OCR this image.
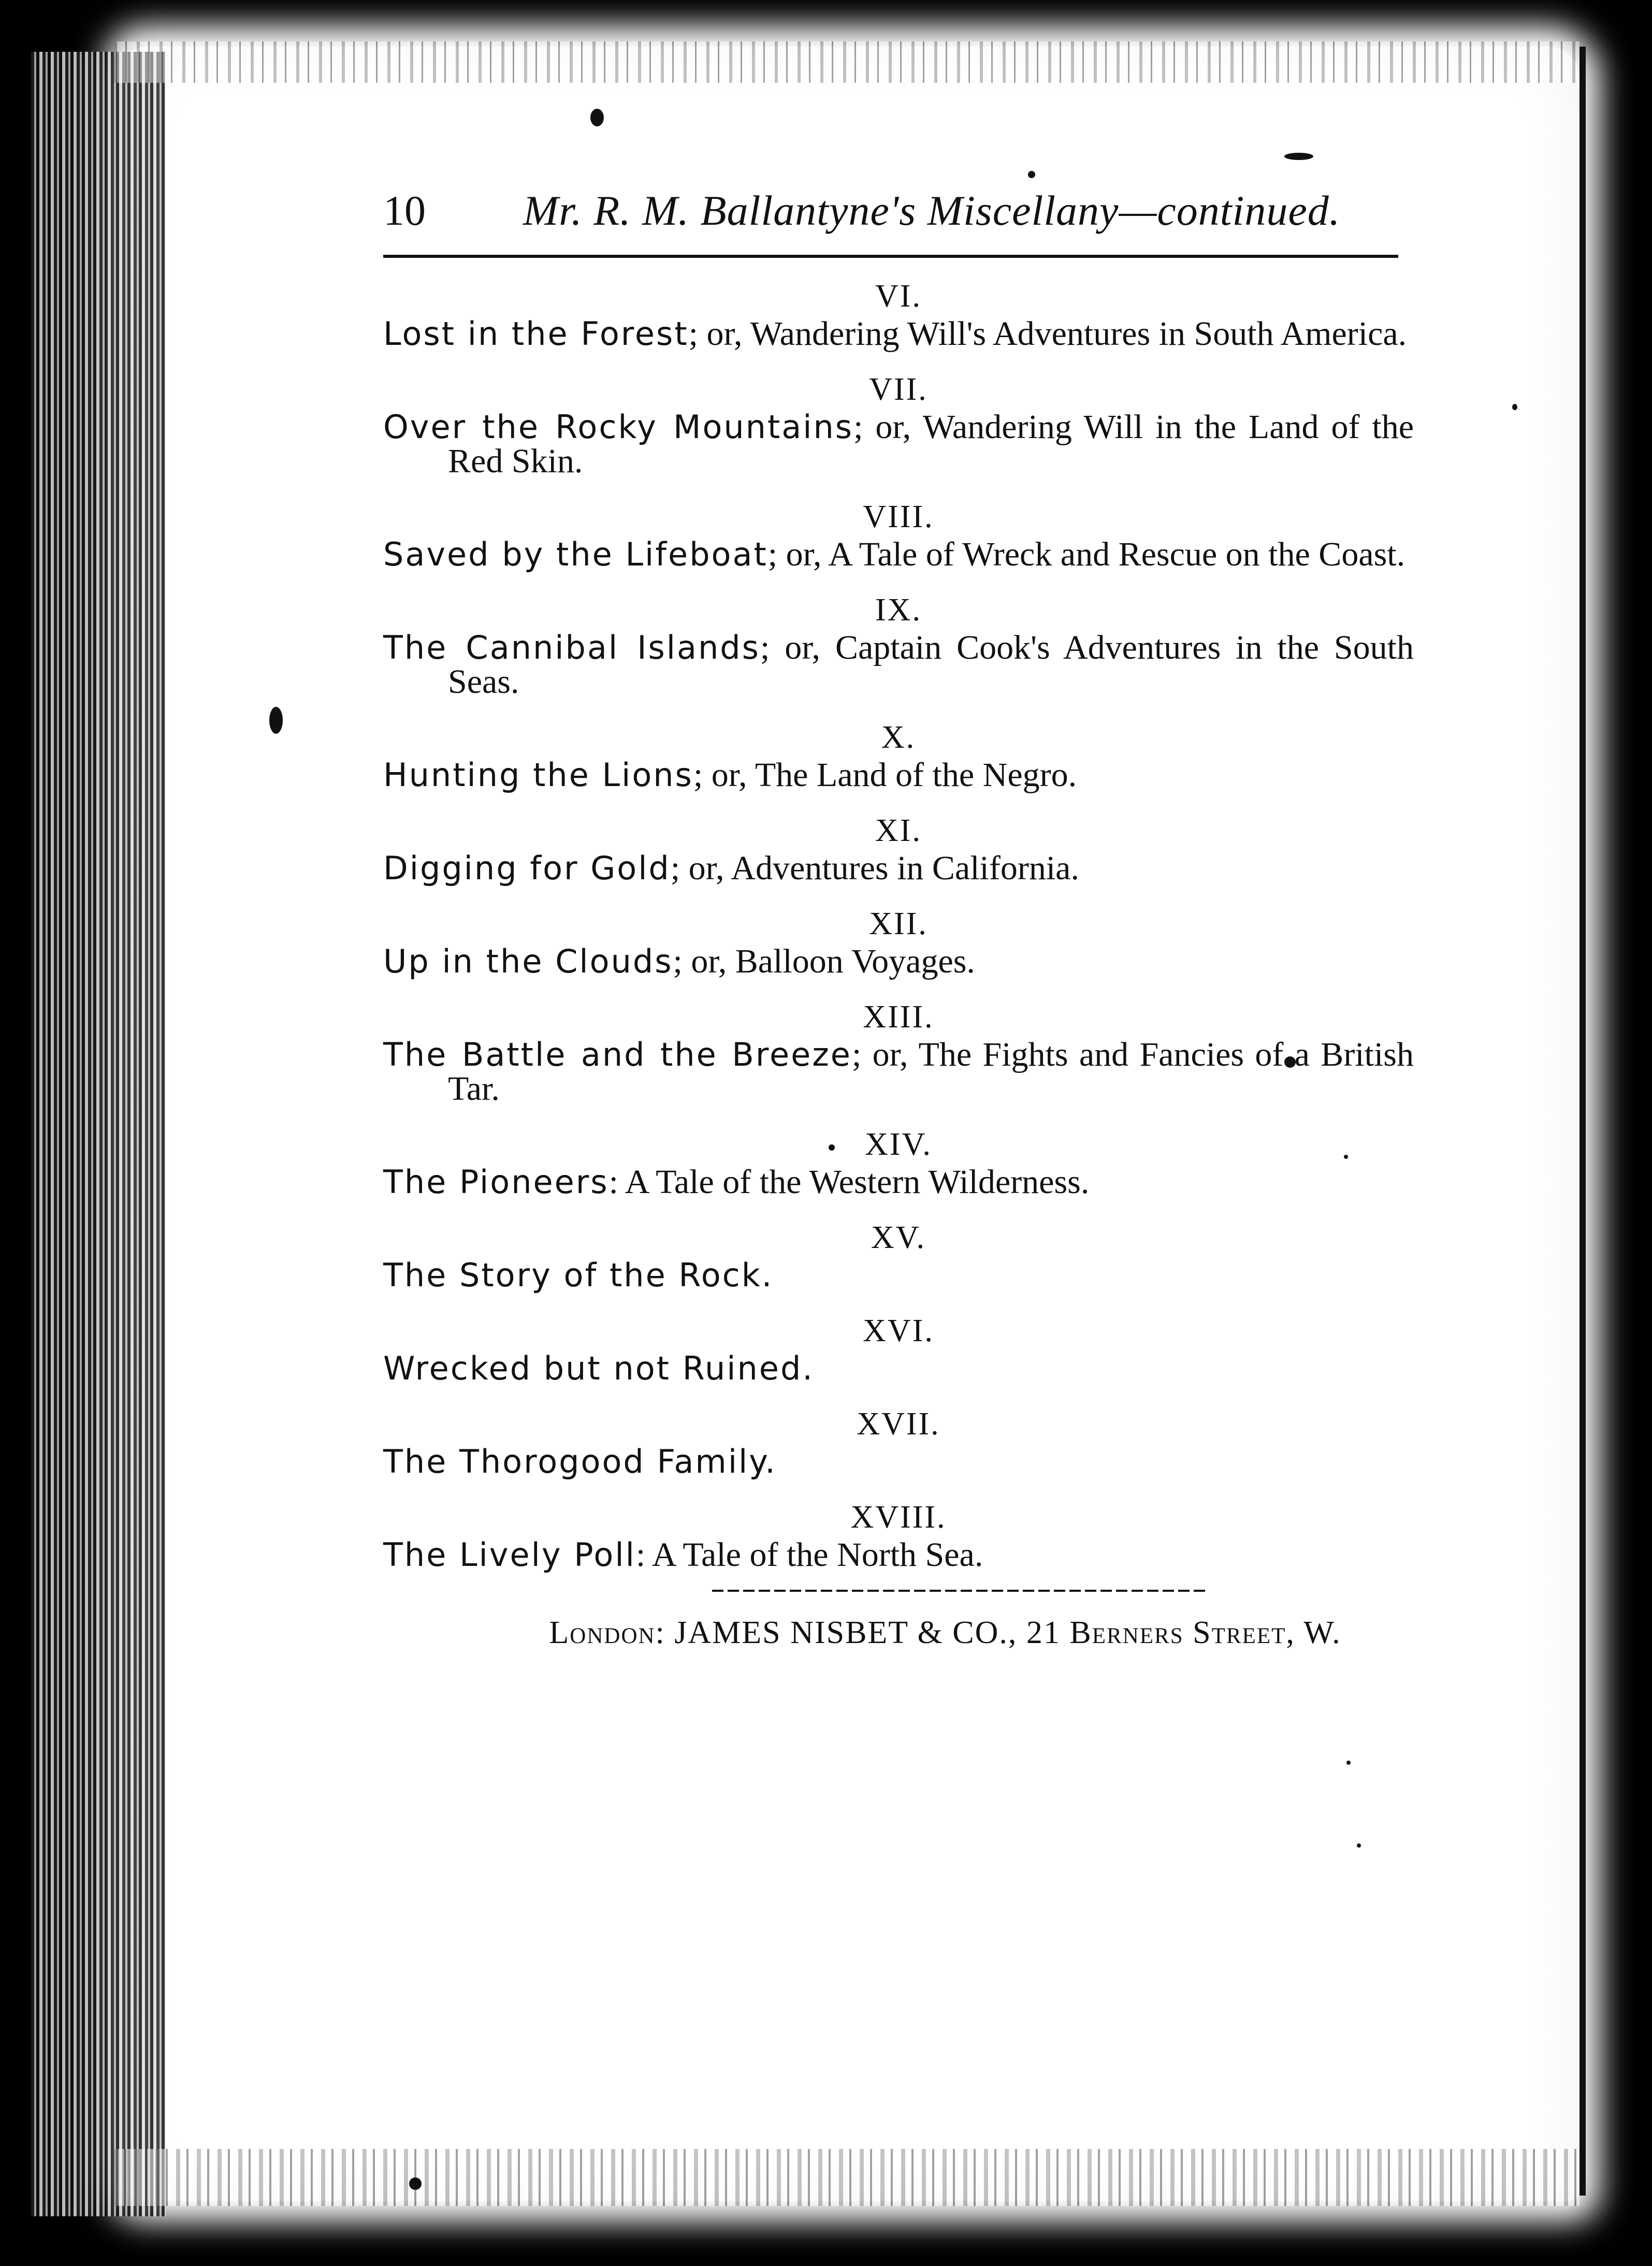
10	Mr. R. M. Ballantyne's Miscellany—continued.
VI.
Lost in the Forest; or, Wandering Will's Adventures in South America.
VII.
Over the Rocky Mountains; or, Wandering Will in the Land of the Red Skin.
VIII.
Saved by the Lifeboat; or, A Tale of Wreck and Rescue on the Coast.
IX.
The Cannibal Islands; or, Captain Cook's Adventures in the South Seas.
X.
Hunting the Lions; or, The Land of the Negro.
XI.
Digging for Gold; or, Adventures in California.
XII.
Up in the Clouds; or, Balloon Voyages.
XIII.
The Battle and the Breeze; or, The Fights and Fancies of a British Tar.
XIV.
The Pioneers: A Tale of the Western Wilderness.
XV.
The Story of the Rock.
XVI.
Wrecked but not Ruined.
XVII.
The Thorogood Family.
XVIII.
The Lively Poll: A Tale of the North Sea.
London: JAMES NISBET & CO., 21 Berners Street, W.
